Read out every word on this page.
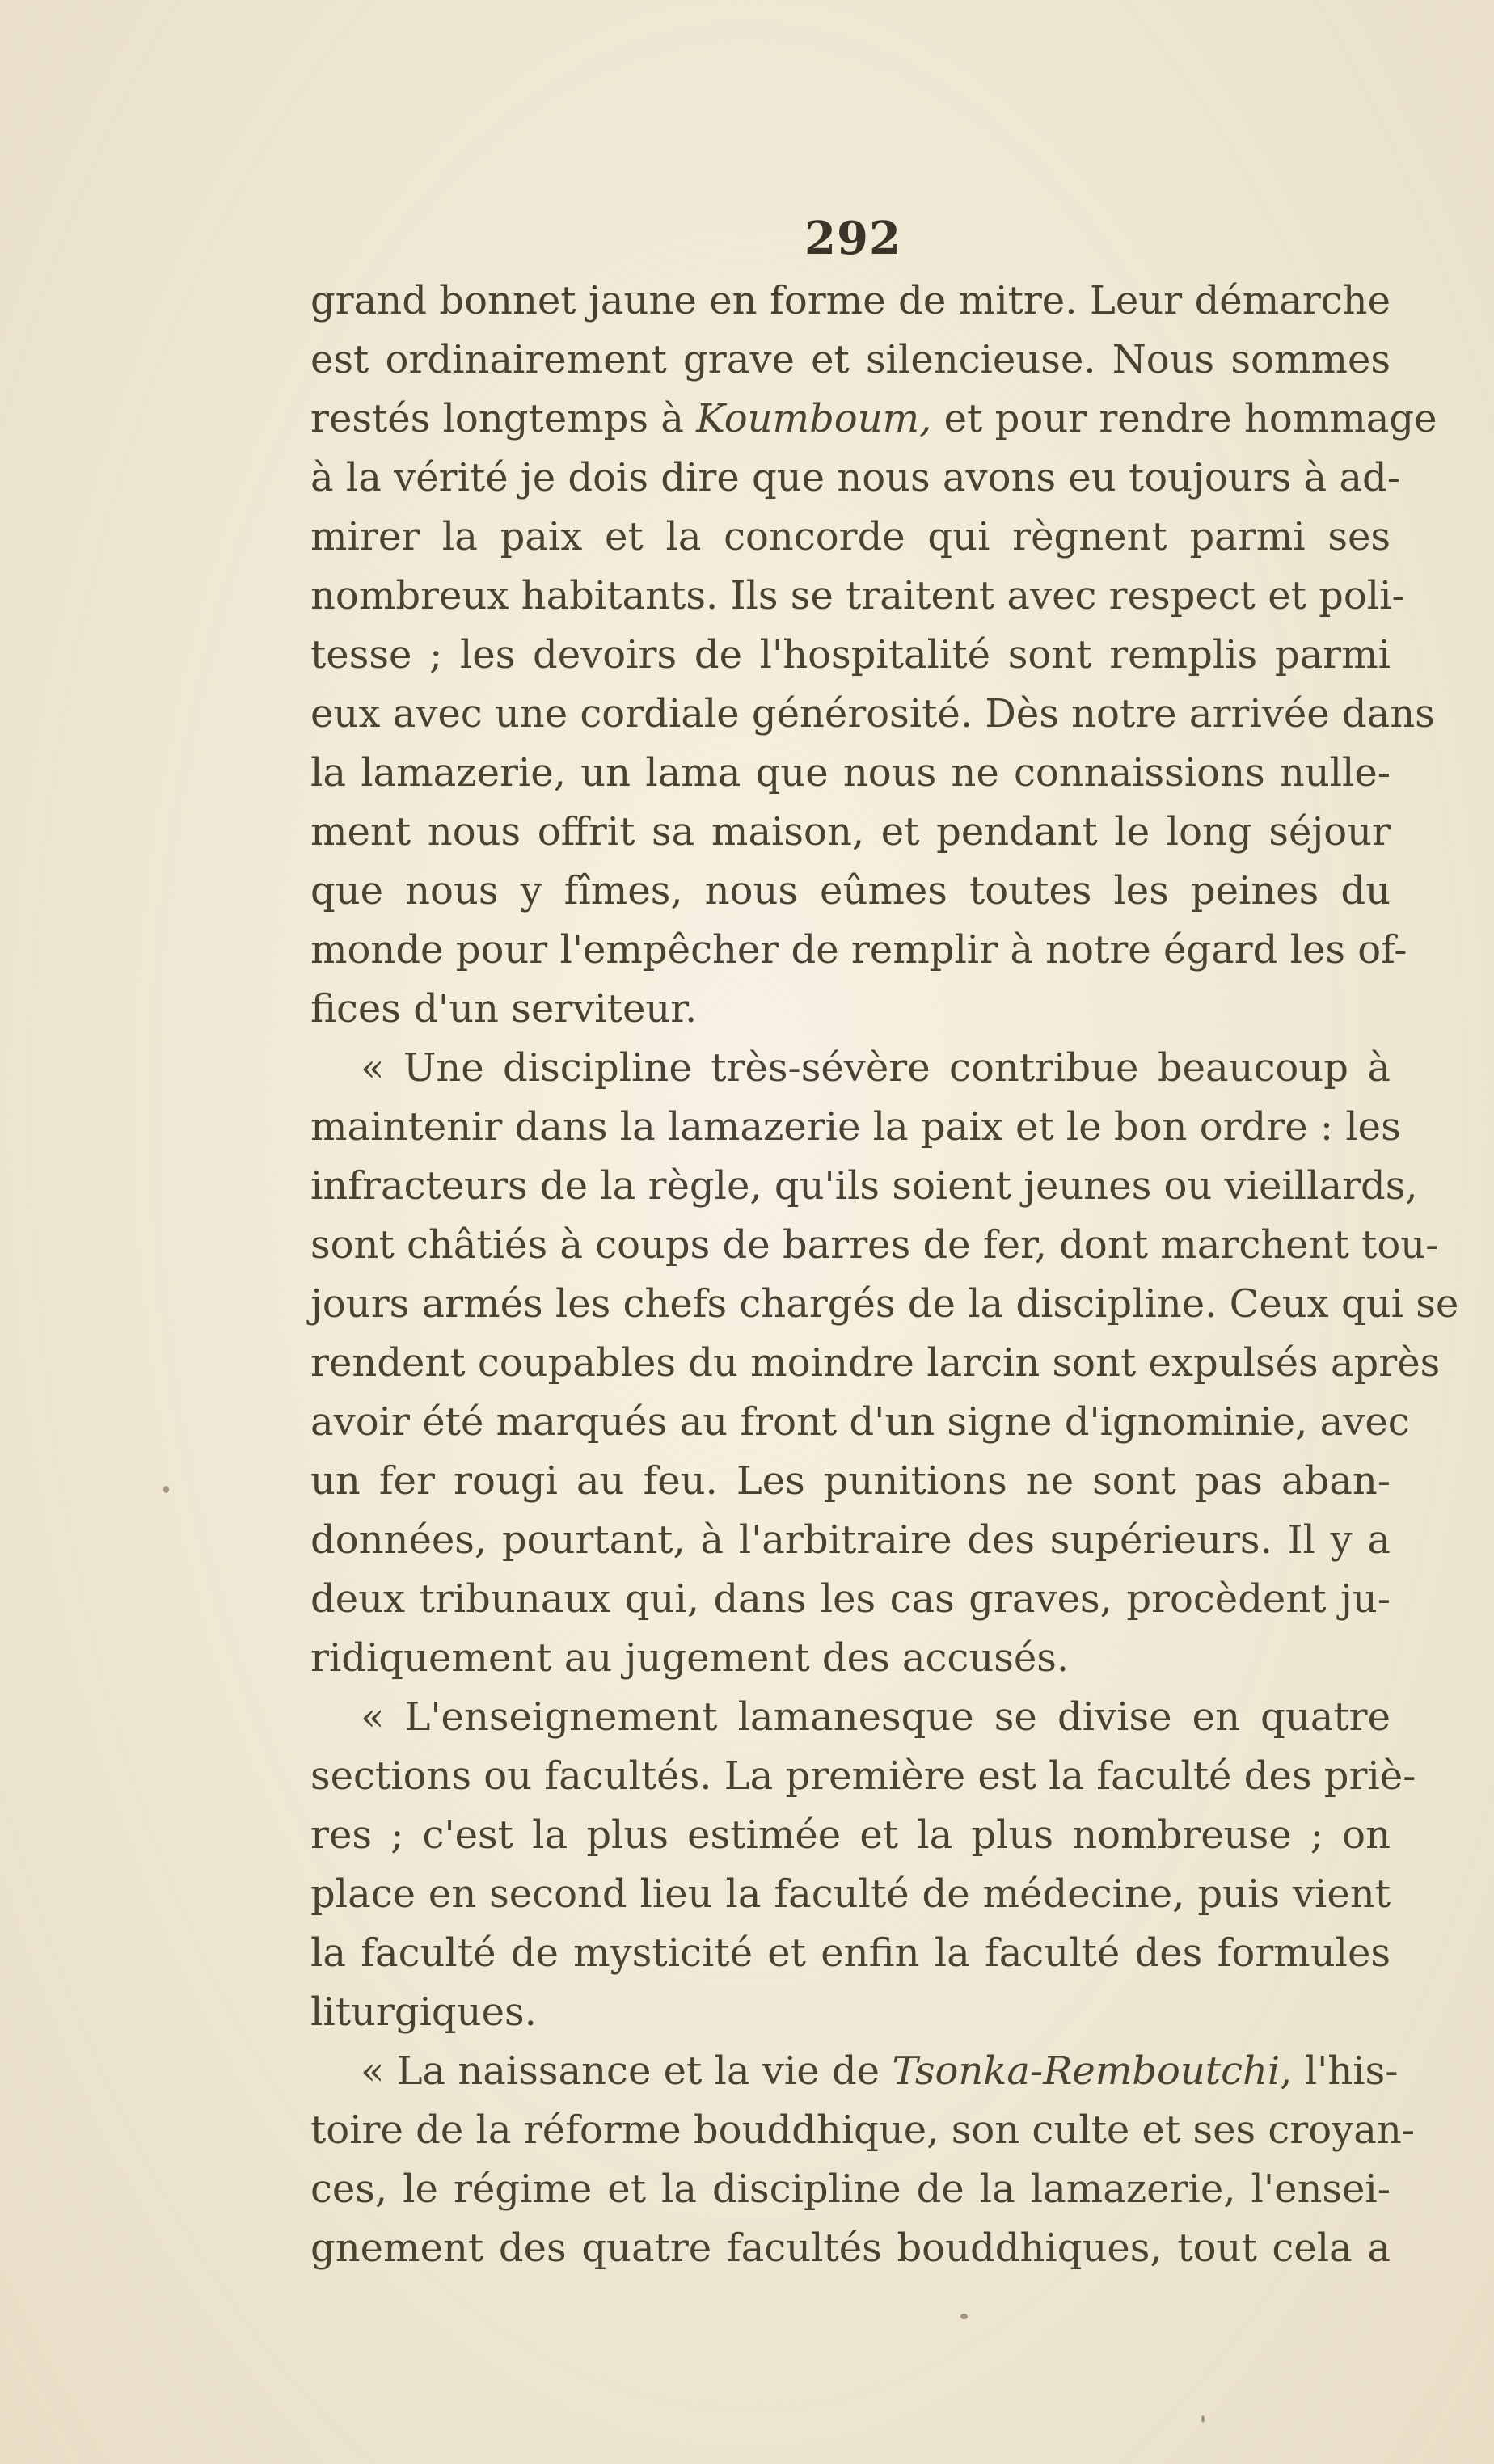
292
grand bonnet jaune en forme de mitre. Leur démarche
est ordinairement grave et silencieuse. Nous sommes
restés longtemps à Koumboum, et pour rendre hommage
à la vérité je dois dire que nous avons eu toujours à ad-
mirer la paix et la concorde qui règnent parmi ses
nombreux habitants. Ils se traitent avec respect et poli-
tesse ; les devoirs de l'hospitalité sont remplis parmi
eux avec une cordiale générosité. Dès notre arrivée dans
la lamazerie, un lama que nous ne connaissions nulle-
ment nous offrit sa maison, et pendant le long séjour
que nous y fîmes, nous eûmes toutes les peines du
monde pour l'empêcher de remplir à notre égard les of-
fices d'un serviteur.
« Une discipline très-sévère contribue beaucoup à
maintenir dans la lamazerie la paix et le bon ordre : les
infracteurs de la règle, qu'ils soient jeunes ou vieillards,
sont châtiés à coups de barres de fer, dont marchent tou-
jours armés les chefs chargés de la discipline. Ceux qui se
rendent coupables du moindre larcin sont expulsés après
avoir été marqués au front d'un signe d'ignominie, avec
un fer rougi au feu. Les punitions ne sont pas aban-
données, pourtant, à l'arbitraire des supérieurs. Il y a
deux tribunaux qui, dans les cas graves, procèdent ju-
ridiquement au jugement des accusés.
« L'enseignement lamanesque se divise en quatre
sections ou facultés. La première est la faculté des priè-
res ; c'est la plus estimée et la plus nombreuse ; on
place en second lieu la faculté de médecine, puis vient
la faculté de mysticité et enfin la faculté des formules
liturgiques.
« La naissance et la vie de Tsonka-Remboutchi, l'his-
toire de la réforme bouddhique, son culte et ses croyan-
ces, le régime et la discipline de la lamazerie, l'ensei-
gnement des quatre facultés bouddhiques, tout cela a
